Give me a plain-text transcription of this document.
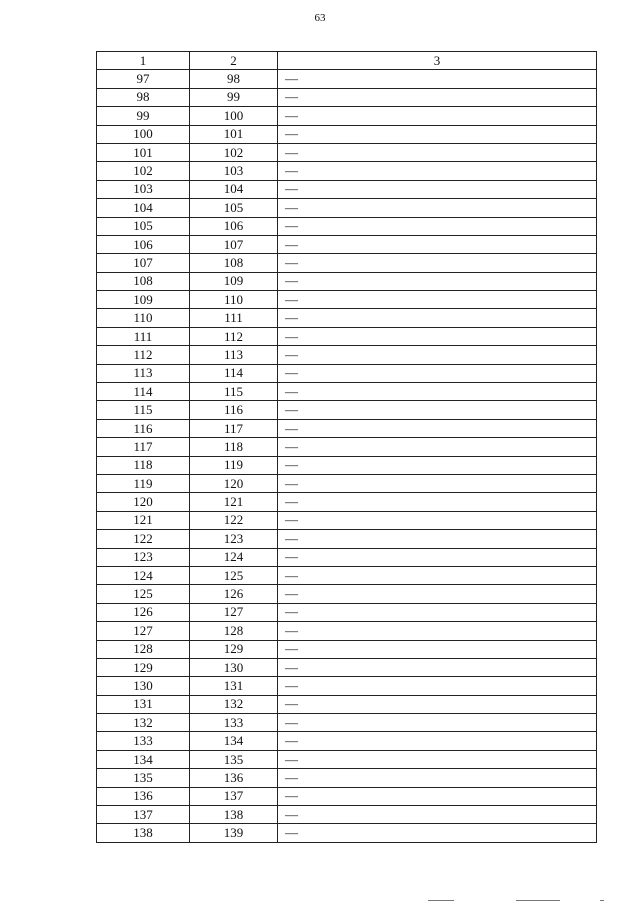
63
1	2	3
97	98	—
98	99	—
99	100	—
100	101	—
101	102	—
102	103	—
103	104	—
104	105	—
105	106	—
106	107	—
107	108	—
108	109	—
109	110	—
110	111	—
111	112	—
112	113	—
113	114	—
114	115	—
115	116	—
116	117	—
117	118	—
118	119	—
119	120	—
120	121	—
121	122	—
122	123	—
123	124	—
124	125	—
125	126	—
126	127	—
127	128	—
128	129	—
129	130	—
130	131	—
131	132	—
132	133	—
133	134	—
134	135	—
135	136	—
136	137	—
137	138	—
138	139	—
